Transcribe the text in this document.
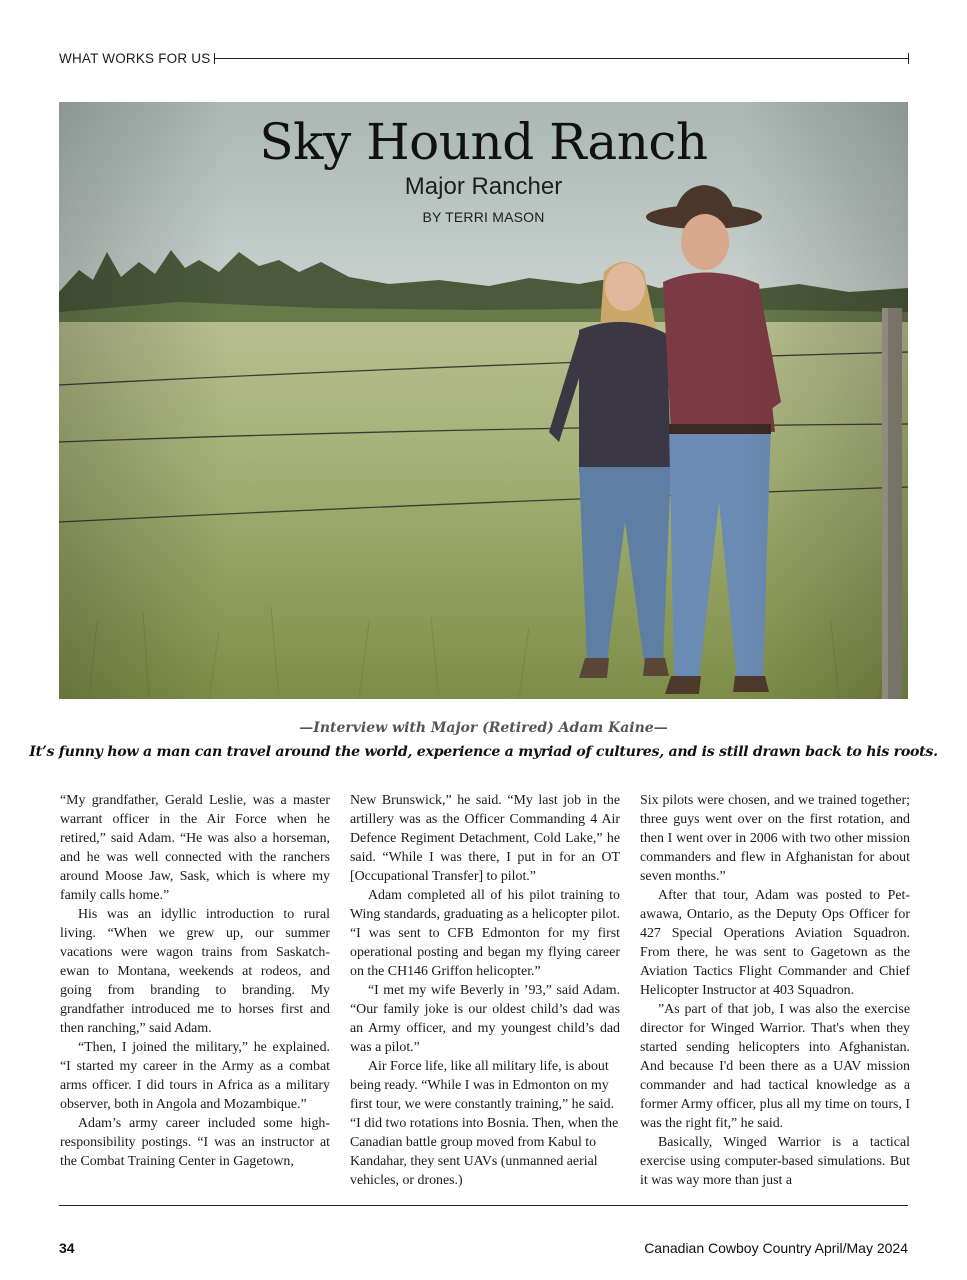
WHAT WORKS FOR US
Sky Hound Ranch
Major Rancher
BY TERRI MASON
—Interview with Major (Retired) Adam Kaine—
It’s funny how a man can travel around the world, experience a myriad of cultures, and is still drawn back to his roots.

“My grandfather, Gerald Leslie, was a master warrant officer in the Air Force when he retired,” said Adam. “He was also a horseman, and he was well connected with the ranchers around Moose Jaw, Sask, which is where my family calls home.”

His was an idyllic introduction to rural living. “When we grew up, our summer vacations were wagon trains from Saskatchewan to Montana, weekends at rodeos, and going from branding to branding. My grandfather introduced me to horses first and then ranching,” said Adam.

“Then, I joined the military,” he explained. “I started my career in the Army as a combat arms officer. I did tours in Africa as a military observer, both in Angola and Mozambique.”

Adam’s army career included some high-responsibility postings. “I was an instructor at the Combat Training Center in Gagetown,

New Brunswick,” he said. “My last job in the artillery was as the Officer Commanding 4 Air Defence Regiment Detachment, Cold Lake,” he said. “While I was there, I put in for an OT [Occupational Transfer] to pilot.”

Adam completed all of his pilot training to Wing standards, graduating as a helicopter pilot. “I was sent to CFB Edmonton for my first operational posting and began my flying career on the CH146 Griffon helicopter.”

“I met my wife Beverly in ’93,” said Adam. “Our family joke is our oldest child’s dad was an Army officer, and my youngest child’s dad was a pilot.”

Air Force life, like all military life, is about being ready. “While I was in Edmonton on my first tour, we were constantly training,” he said. “I did two rotations into Bosnia. Then, when the Canadian battle group moved from Kabul to Kandahar, they sent UAVs (unmanned aerial vehicles, or drones.)

Six pilots were chosen, and we trained together; three guys went over on the first rotation, and then I went over in 2006 with two other mission commanders and flew in Afghanistan for about seven months.”

After that tour, Adam was posted to Petawawa, Ontario, as the Deputy Ops Officer for 427 Special Operations Aviation Squadron. From there, he was sent to Gagetown as the Aviation Tactics Flight Commander and Chief Helicopter Instructor at 403 Squadron.

”As part of that job, I was also the exercise director for Winged Warrior. That's when they started sending helicopters into Afghanistan. And because I'd been there as a UAV mission commander and had tactical knowledge as a former Army officer, plus all my time on tours, I was the right fit,” he said.

Basically, Winged Warrior is a tactical exercise using computer-based simulations. But it was way more than just a

34	Canadian Cowboy Country April/May 2024
